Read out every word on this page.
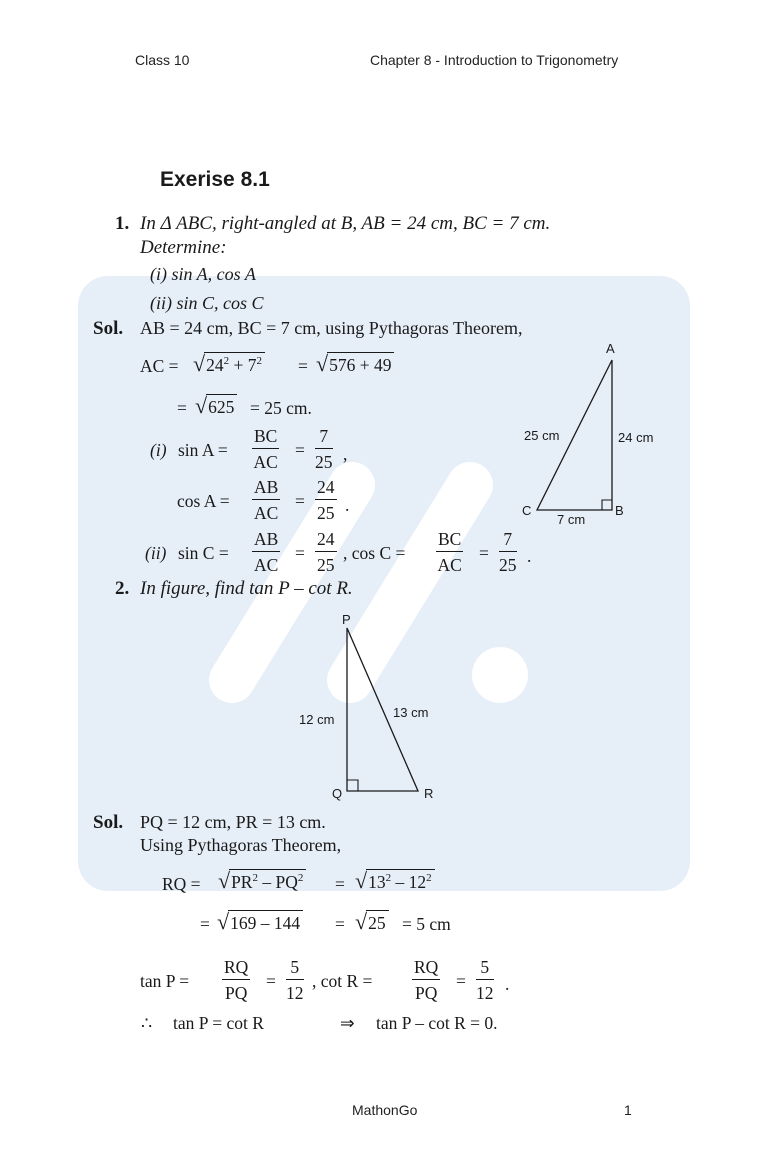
Class 10	Chapter 8 - Introduction to Trigonometry
Exerise 8.1
1. In Δ ABC, right-angled at B, AB = 24 cm, BC = 7 cm.
Determine:
(i) sin A, cos A
(ii) sin C, cos C
Sol. AB = 24 cm, BC = 7 cm, using Pythagoras Theorem,
AC = √ $24^2 + 7^2$ = √ 576 + 49
= √ 625 = 25 cm.
(i) sin A =
BC
AC
=
7
25 ,
cos A =
AB
AC
=
24
25 .
(ii) sin C =
AB
AC
=
24
25
, cos C =
BC
AC
=
7
25 .
A
B
C
25 cm	24 cm
7 cm
2. In figure, find tan P – cot R.
P
Q	R
12 cm	13 cm
Sol. PQ = 12 cm, PR = 13 cm.
Using Pythagoras Theorem,
RQ = √ $PR^2 - PQ^2$ = √ $13^2 - 12^2$
= √ 169 – 144 = √ 25 = 5 cm
tan P =
RQ
PQ
=
5
12
, cot R =
RQ
PQ
=
5
12 .
∴ tan P = cot R	⇒ tan P – cot R = 0.
MathonGo	1
